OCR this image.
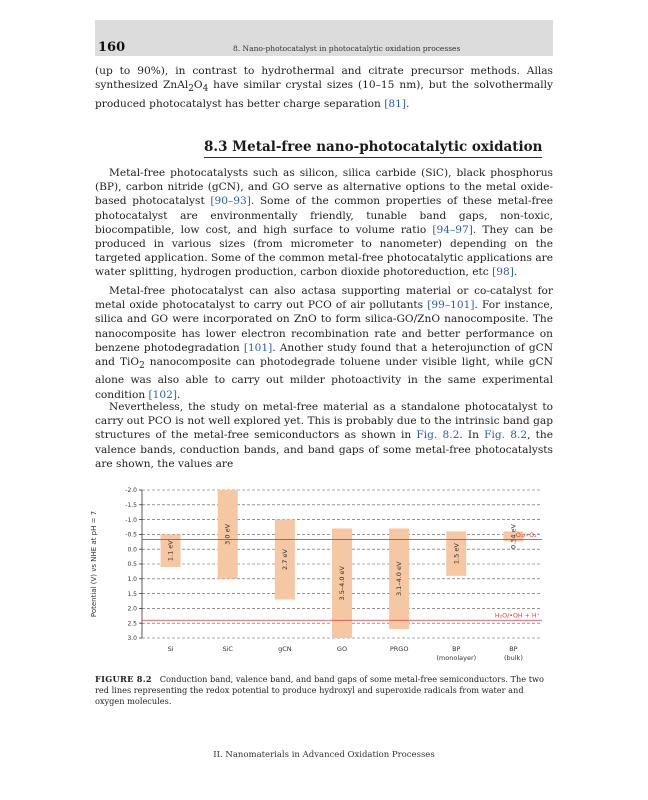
160	8. Nano-photocatalyst in photocatalytic oxidation processes

(up to 90%), in contrast to hydrothermal and citrate precursor methods. Allas synthesized $ZnAl_2O_4$ have similar crystal sizes (10–15 nm), but the solvothermally produced photocatalyst has better charge separation [81].

8.3 Metal-free nano-photocatalytic oxidation

Metal-free photocatalysts such as silicon, silica carbide (SiC), black phosphorus (BP), carbon nitride (gCN), and GO serve as alternative options to the metal oxide-based photocatalyst [90–93]. Some of the common properties of these metal-free photocatalyst are environmentally friendly, tunable band gaps, non-toxic, biocompatible, low cost, and high surface to volume ratio [94–97]. They can be produced in various sizes (from micrometer to nanometer) depending on the targeted application. Some of the common metal-free photocatalytic applications are water splitting, hydrogen production, carbon dioxide photoreduction, etc [98].

Metal-free photocatalyst can also actasa supporting material or co-catalyst for metal oxide photocatalyst to carry out PCO of air pollutants [99–101]. For instance, silica and GO were incorporated on ZnO to form silica-GO/ZnO nanocomposite. The nanocomposite has lower electron recombination rate and better performance on benzene photodegradation [101]. Another study found that a heterojunction of gCN and TiO$_2$ nanocomposite can photodegrade toluene under visible light, while gCN alone was also able to carry out milder photoactivity in the same experimental condition [102].

Nevertheless, the study on metal-free material as a standalone photocatalyst to carry out PCO is not well explored yet. This is probably due to the intrinsic band gap structures of the metal-free semiconductors as shown in Fig. 8.2. In Fig. 8.2, the valence bands, conduction bands, and band gaps of some metal-free photocatalysts are shown, the values are

-2.0
-1.5
-1.0
-0.5
0.0
0.5
1.0
1.5
2.0
2.5
3.0
Potential (V) vs NHE at pH = 7	1.1 eV
Si
3.0 eV
SiC
2.7 eV
gCN
3.5–4.0 eV
GO
3.1–4.0 eV
PRGO
1.5 eV
BP
(monolayer)
0.34 eV
BP
(bulk)
O₂/•O₂⁻
H₂O/•OH + H⁺

FIGURE 8.2 Conduction band, valence band, and band gaps of some metal-free semiconductors. The two red lines representing the redox potential to produce hydroxyl and superoxide radicals from water and oxygen molecules.

II. Nanomaterials in Advanced Oxidation Processes
